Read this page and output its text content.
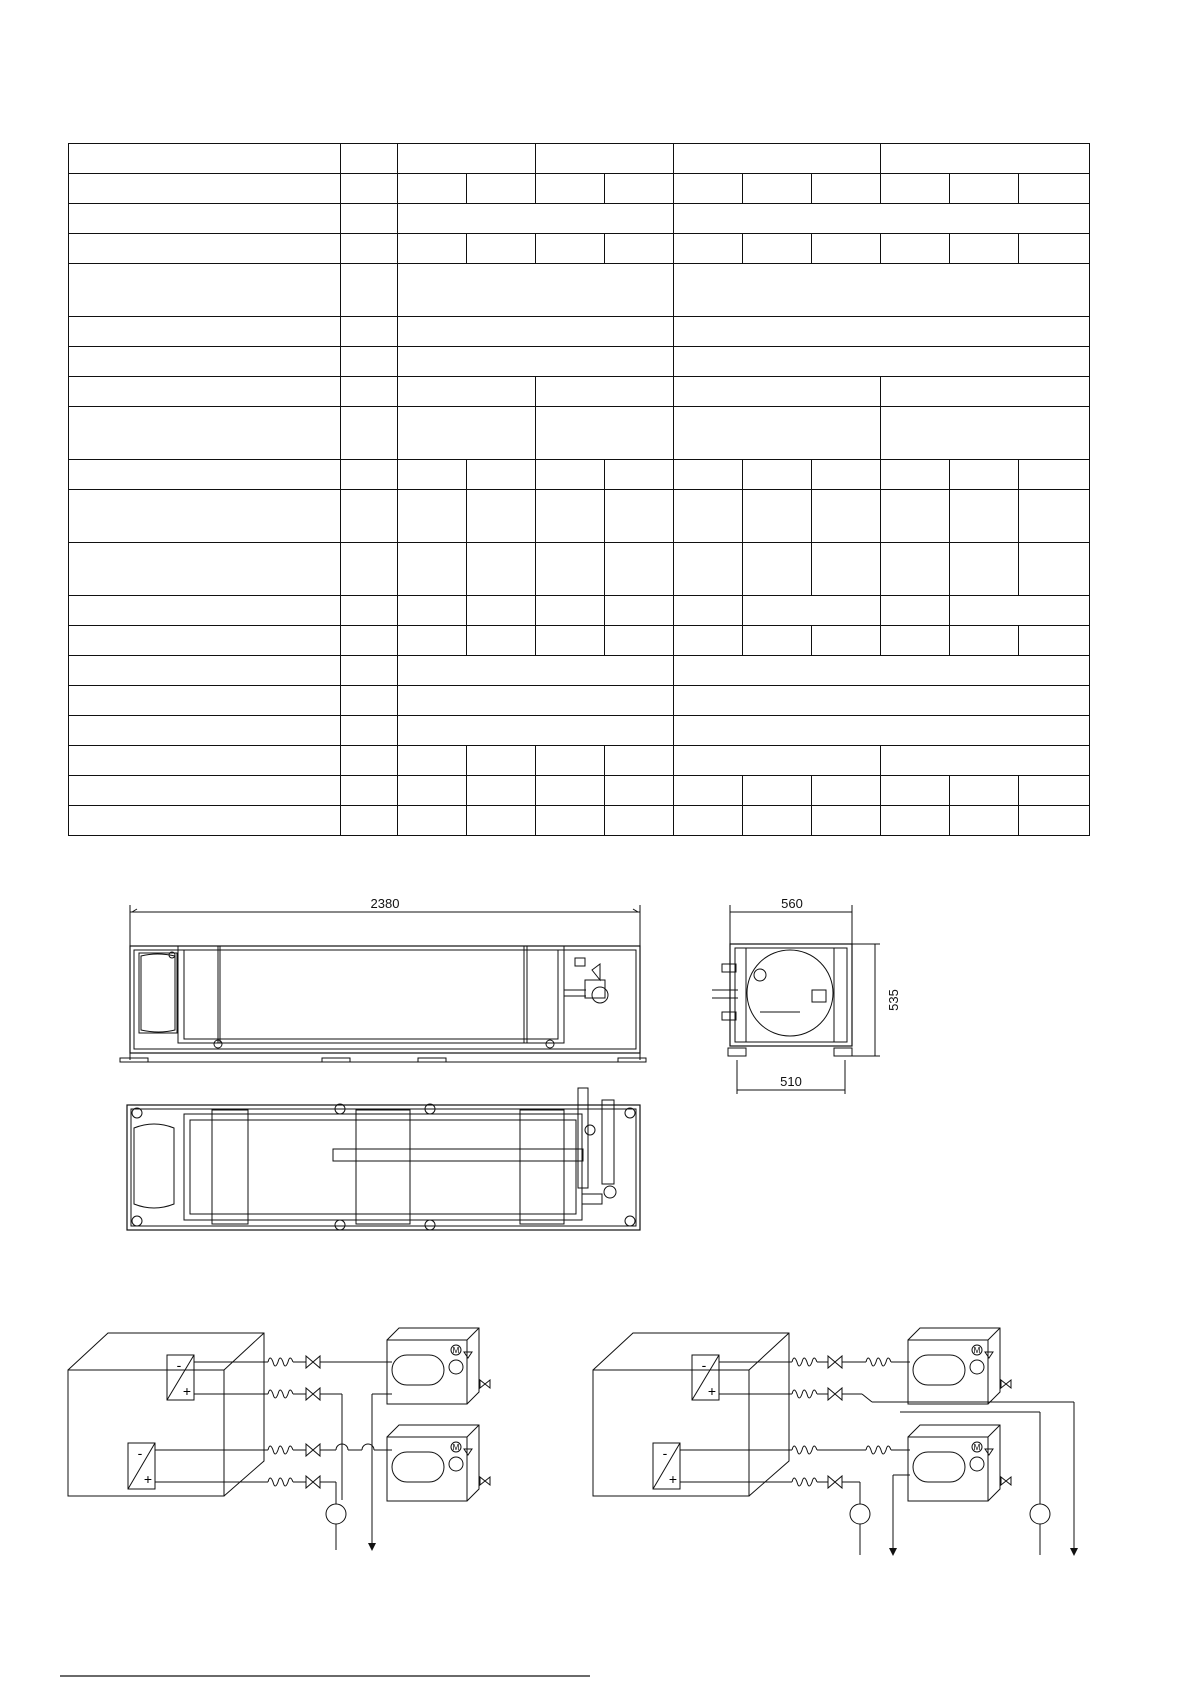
2380	560
510
535
-
+
-
+
M
M
-
+
-
+
M
M
